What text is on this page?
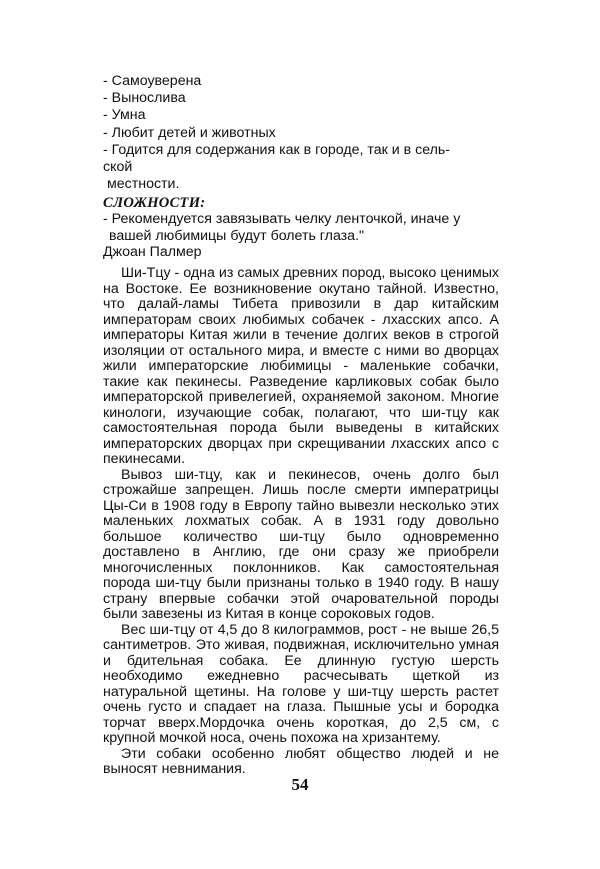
- Самоуверена
- Вынослива
- Умна
- Любит детей и животных
- Годится для содержания как в городе, так и в сель-
ской
местности.
СЛОЖНОСТИ:
- Рекомендуется завязывать челку ленточкой, иначе у
вашей любимицы будут болеть глаза."
Джоан Палмер

Ши-Тцу - одна из самых древних пород, высоко ценимых на Востоке. Ее возникновение окутано тайной. Известно, что далай-ламы Тибета привозили в дар китайским императорам своих любимых собачек - лхасских апсо. А императоры Китая жили в течение долгих веков в строгой изоляции от остального мира, и вместе с ними во дворцах жили императорские любимицы - маленькие собачки, такие как пекинесы. Разведение карликовых собак было императорской привелегией, охраняемой законом. Многие кинологи, изучающие собак, полагают, что ши-тцу как самостоятельная порода были выведены в китайских императорских дворцах при скрещивании лхасских апсо с пекинесами.

Вывоз ши-тцу, как и пекинесов, очень долго был строжайше запрещен. Лишь после смерти императрицы Цы-Си в 1908 году в Европу тайно вывезли несколько этих маленьких лохматых собак. А в 1931 году довольно большое количество ши-тцу было одновременно доставлено в Англию, где они сразу же приобрели многочисленных поклонников. Как самостоятельная порода ши-тцу были признаны только в 1940 году. В нашу страну впервые собачки этой очаровательной породы были завезены из Китая в конце сороковых годов.

Вес ши-тцу от 4,5 до 8 килограммов, рост - не выше 26,5 сантиметров. Это живая, подвижная, исключительно умная и бдительная собака. Ее длинную густую шерсть необходимо ежедневно расчесывать щеткой из натуральной щетины. На голове у ши-тцу шерсть растет очень густо и спадает на глаза. Пышные усы и бородка торчат вверх.Мордочка очень короткая, до 2,5 см, с крупной мочкой носа, очень похожа на хризантему.

Эти собаки особенно любят общество людей и не выносят невнимания.

54
